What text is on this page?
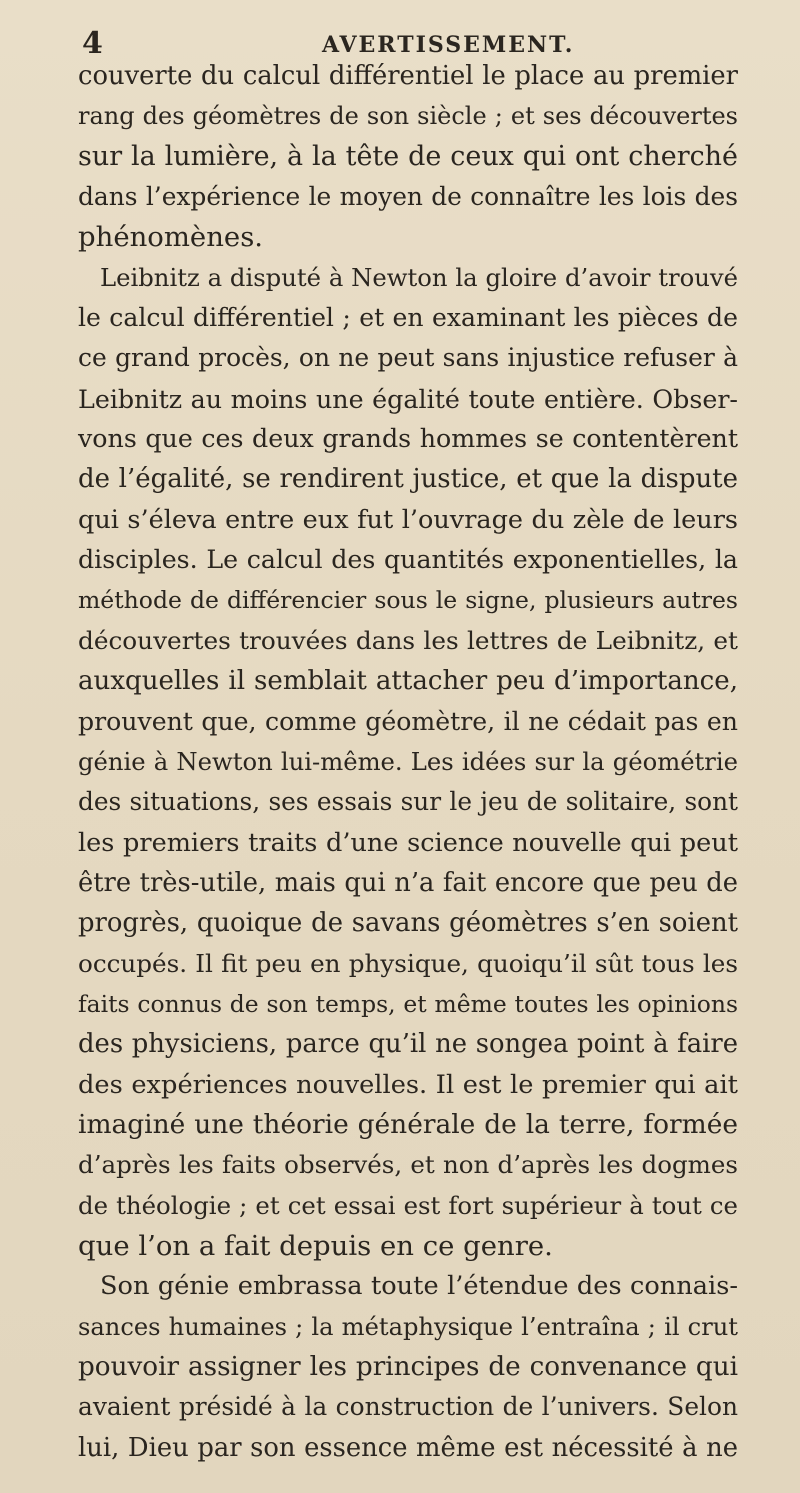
4	AVERTISSEMENT.
couverte du calcul différentiel le place au premier
rang des géomètres de son siècle ; et ses découvertes
sur la lumière, à la tête de ceux qui ont cherché
dans l’expérience le moyen de connaître les lois des
phénomènes.
Leibnitz a disputé à Newton la gloire d’avoir trouvé
le calcul différentiel ; et en examinant les pièces de
ce grand procès, on ne peut sans injustice refuser à
Leibnitz au moins une égalité toute entière. Obser-
vons que ces deux grands hommes se contentèrent
de l’égalité, se rendirent justice, et que la dispute
qui s’éleva entre eux fut l’ouvrage du zèle de leurs
disciples. Le calcul des quantités exponentielles, la
méthode de différencier sous le signe, plusieurs autres
découvertes trouvées dans les lettres de Leibnitz, et
auxquelles il semblait attacher peu d’importance,
prouvent que, comme géomètre, il ne cédait pas en
génie à Newton lui-même. Les idées sur la géométrie
des situations, ses essais sur le jeu de solitaire, sont
les premiers traits d’une science nouvelle qui peut
être très-utile, mais qui n’a fait encore que peu de
progrès, quoique de savans géomètres s’en soient
occupés. Il fit peu en physique, quoiqu’il sût tous les
faits connus de son temps, et même toutes les opinions
des physiciens, parce qu’il ne songea point à faire
des expériences nouvelles. Il est le premier qui ait
imaginé une théorie générale de la terre, formée
d’après les faits observés, et non d’après les dogmes
de théologie ; et cet essai est fort supérieur à tout ce
que l’on a fait depuis en ce genre.
Son génie embrassa toute l’étendue des connais-
sances humaines ; la métaphysique l’entraîna ; il crut
pouvoir assigner les principes de convenance qui
avaient présidé à la construction de l’univers. Selon
lui, Dieu par son essence même est nécessité à ne
